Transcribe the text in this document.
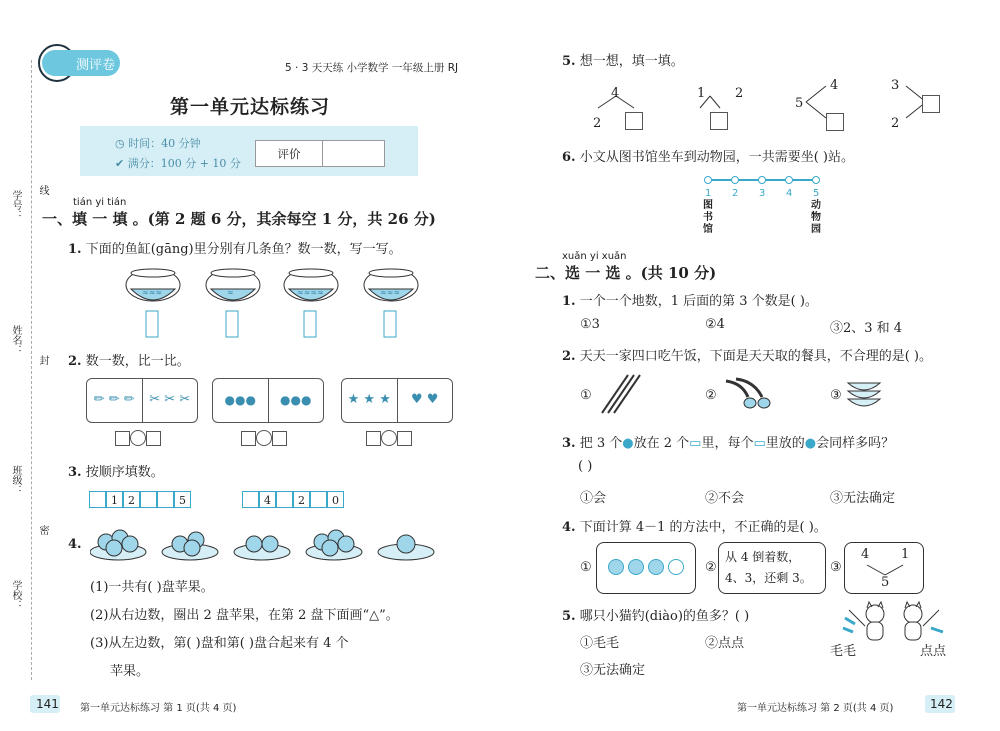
测评卷	5 · 3 天天练 小学数学 一年级上册 RJ
第一单元达标练习
◷ 时间：40 分钟
✔ 满分：100 分 + 10 分
评价
学号： 线
姓名：
封
班级：
密
学校：
tián yi tián
一、填 一 填 。(第 2 题 6 分，其余每空 1 分，共 26 分)
1. 下面的鱼缸(gāng)里分别有几条鱼？数一数，写一写。
≈≈≈	≈	≈≈≈≈	≈≈≈
2. 数一数，比一比。
✏ ✏ ✏	✂ ✂ ✂	●●●	●●●	★ ★ ★	♥ ♥
3. 按顺序填数。
1 2	5	4	2	0
4.
(1)一共有( )盘苹果。
(2)从右边数，圈出 2 盘苹果，在第 2 盘下面画“△”。
(3)从左边数，第( )盘和第( )盘合起来有 4 个
苹果。
141 第一单元达标练习 第 1 页(共 4 页)
5. 想一想，填一填。
4
2
1 2
4
5
3
2
6. 小文从图书馆坐车到动物园，一共需要坐( )站。
1 2 3 4 5
图书馆
动物园
xuǎn yi xuǎn
二、选 一 选 。(共 10 分)
1. 一个一个地数，1 后面的第 3 个数是( )。
①3	②4	③2、3 和 4
2. 天天一家四口吃午饭，下面是天天取的餐具，不合理的是( )。
①	②	③
3. 把 3 个●放在 2 个▭里，每个▭里放的●会同样多吗？
( )
①会	②不会	③无法确定
4. 下面计算 4－1 的方法中，不正确的是( )。
①	②
从 4 倒着数，4、3，还剩 3。
③
4 1
5
5. 哪只小猫钓(diào)的鱼多？( )
①毛毛	②点点
③无法确定
毛毛	点点
第一单元达标练习 第 2 页(共 4 页)	142
